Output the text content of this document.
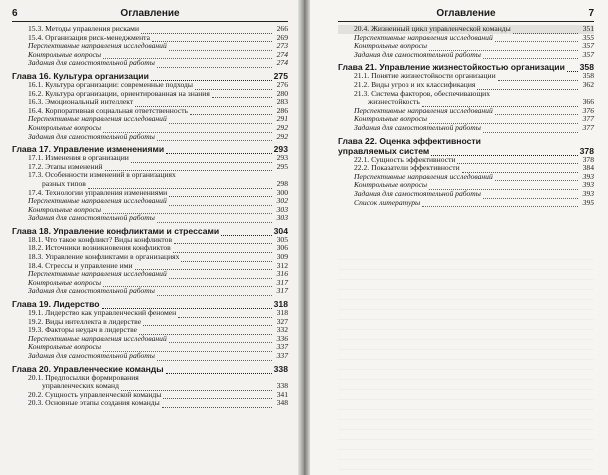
6	Оглавление
15.3. Методы управления рисками	266
15.4. Организация риск-менеджмента	269
Перспективные направления исследований	273
Контрольные вопросы	274
Задания для самостоятельной работы	274
Глава 16. Культура организации	275
16.1. Культура организации: современные подходы	276
16.2. Культура организации, ориентированная на знания	280
16.3. Эмоциональный интеллект	283
16.4. Корпоративная социальная ответственность	286
Перспективные направления исследований	291
Контрольные вопросы	292
Задания для самостоятельной работы	292
Глава 17. Управление изменениями	293
17.1. Изменения в организации	293
17.2. Этапы изменений	295
17.3. Особенности изменений в организациях
разных типов	298
17.4. Технологии управления изменениями	300
Перспективные направления исследований	302
Контрольные вопросы	303
Задания для самостоятельной работы	303
Глава 18. Управление конфликтами и стрессами	304
18.1. Что такое конфликт? Виды конфликтов	305
18.2. Источники возникновения конфликтов	306
18.3. Управление конфликтами в организациях	309
18.4. Стрессы и управление ими	312
Перспективные направления исследований	316
Контрольные вопросы	317
Задания для самостоятельной работы	317
Глава 19. Лидерство	318
19.1. Лидерство как управленческий феномен	318
19.2. Виды интеллекта в лидерстве	327
19.3. Факторы неудач в лидерстве	332
Перспективные направления исследований	336
Контрольные вопросы	337
Задания для самостоятельной работы	337
Глава 20. Управленческие команды	338
20.1. Предпосылки формирования
управленческих команд	338
20.2. Сущность управленческой команды	341
20.3. Основные этапы создания команды	348
Оглавление	7
20.4. Жизненный цикл управленческой команды	351
Перспективные направления исследований	355
Контрольные вопросы	357
Задания для самостоятельной работы	357
Глава 21. Управление жизнестойкостью организации 358
21.1. Понятие жизнестойкости организации	358
21.2. Виды угроз и их классификация	362
21.3. Система факторов, обеспечивающих
жизнестойкость	366
Перспективные направления исследований	376
Контрольные вопросы	377
Задания для самостоятельной работы	377
Глава 22. Оценка эффективности
управляемых систем	378
22.1. Сущность эффективности	378
22.2. Показатели эффективности	384
Перспективные направления исследований	393
Контрольные вопросы	393
Задания для самостоятельной работы	393
Список литературы	395
